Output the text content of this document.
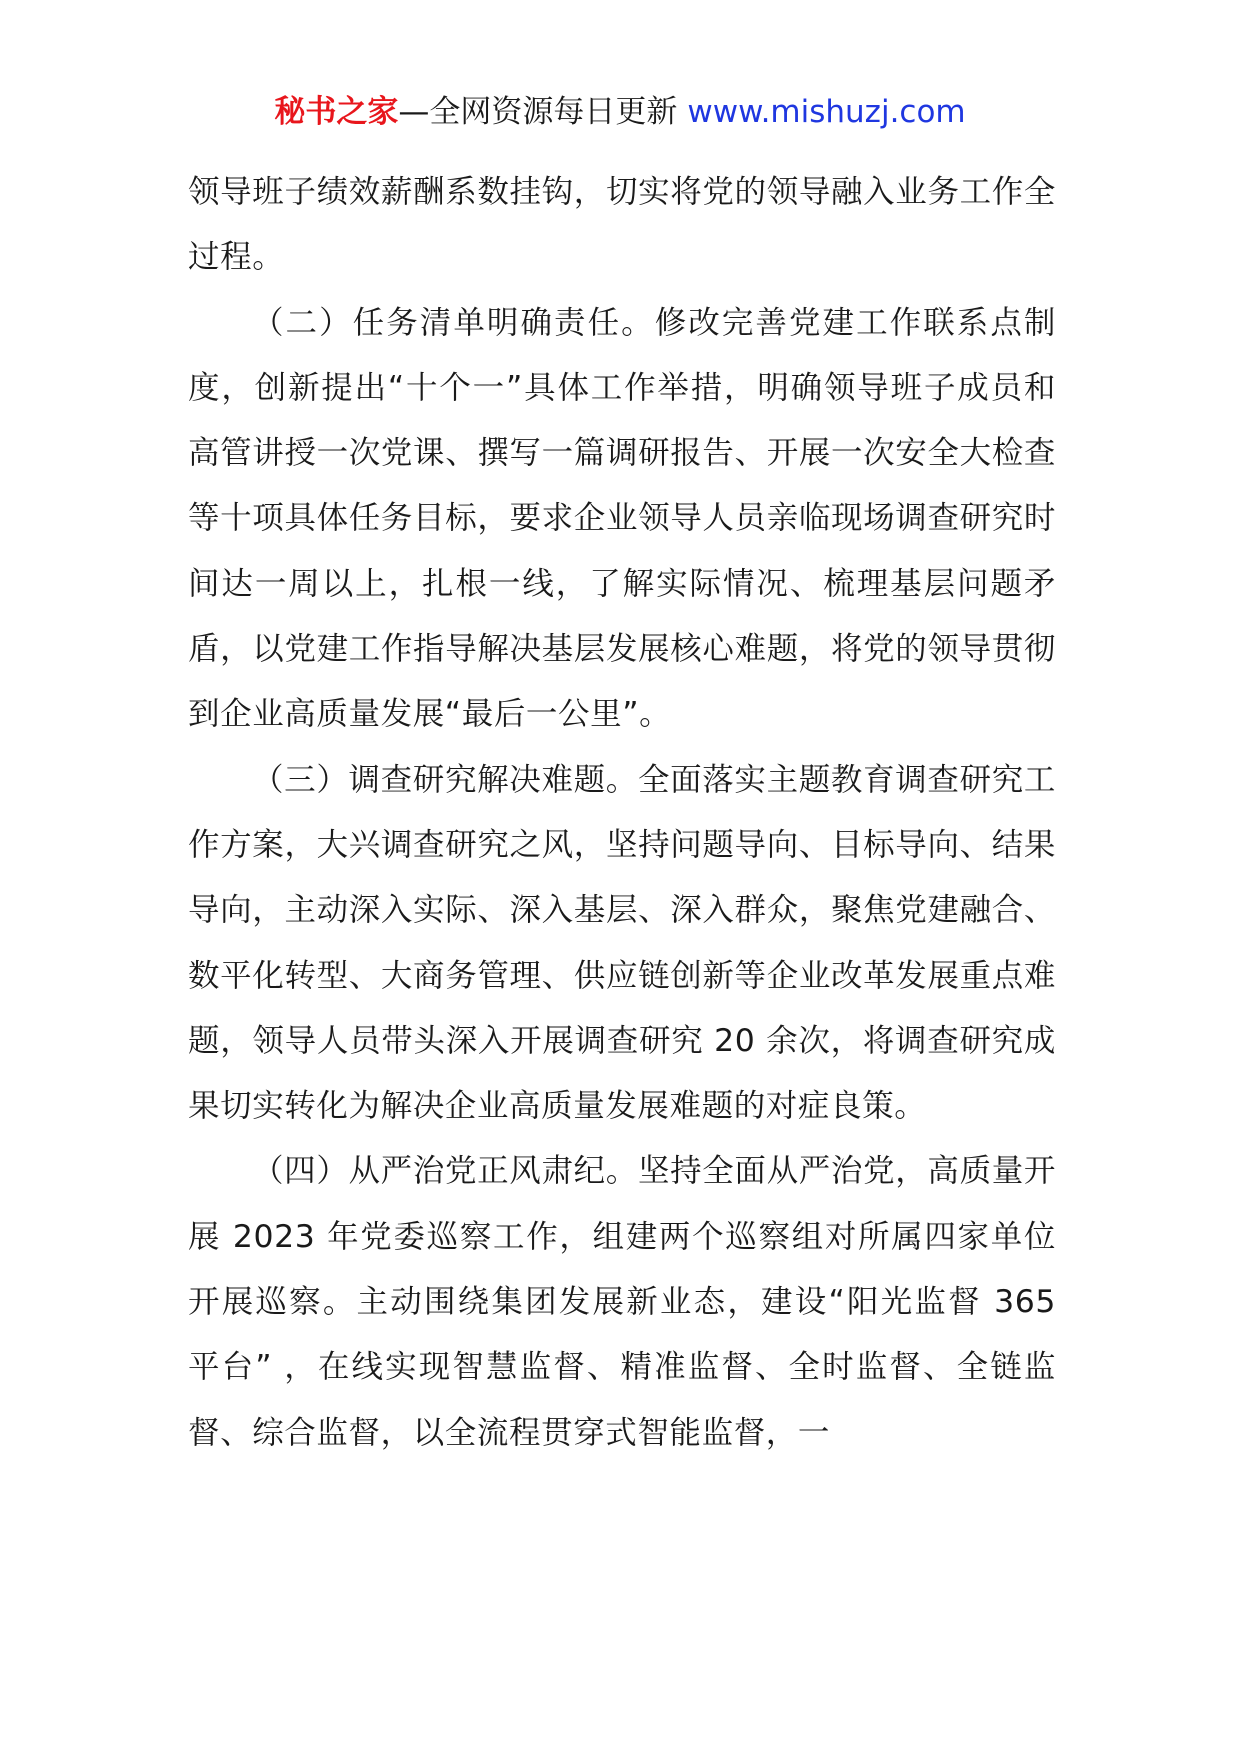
秘书之家—全网资源每日更新 www.mishuzj.com

领导班子绩效薪酬系数挂钩，切实将党的领导融入业务工作全过程。

（二）任务清单明确责任。修改完善党建工作联系点制度，创新提出“十个一”具体工作举措，明确领导班子成员和高管讲授一次党课、撰写一篇调研报告、开展一次安全大检查等十项具体任务目标，要求企业领导人员亲临现场调查研究时间达一周以上，扎根一线，了解实际情况、梳理基层问题矛盾，以党建工作指导解决基层发展核心难题，将党的领导贯彻到企业高质量发展“最后一公里”。

（三）调查研究解决难题。全面落实主题教育调查研究工作方案，大兴调查研究之风，坚持问题导向、目标导向、结果导向，主动深入实际、深入基层、深入群众，聚焦党建融合、数平化转型、大商务管理、供应链创新等企业改革发展重点难题，领导人员带头深入开展调查研究 20 余次，将调查研究成果切实转化为解决企业高质量发展难题的对症良策。

（四）从严治党正风肃纪。坚持全面从严治党，高质量开展 2023 年党委巡察工作，组建两个巡察组对所属四家单位开展巡察。主动围绕集团发展新业态，建设“阳光监督 365 平台” ，在线实现智慧监督、精准监督、全时监督、全链监督、综合监督，以全流程贯穿式智能监督，一
